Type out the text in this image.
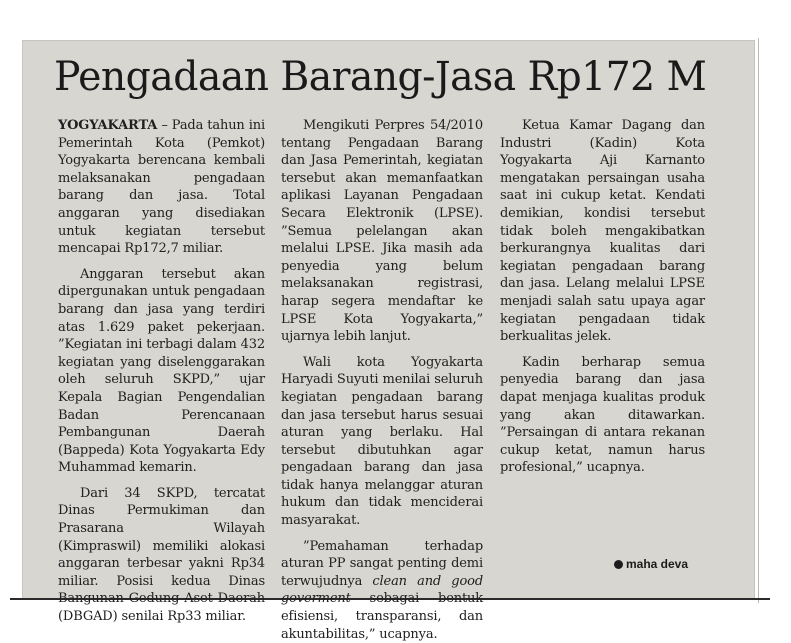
Pengadaan Barang-Jasa Rp172 M

YOGYAKARTA – Pada tahun ini Pemerintah Kota (Pemkot) Yogyakarta berencana kembali melaksanakan pengadaan barang dan jasa. Total anggaran yang disediakan untuk kegiatan tersebut mencapai Rp172,7 miliar.

Anggaran tersebut akan dipergunakan untuk pengadaan barang dan jasa yang terdiri atas 1.629 paket pekerjaan. ”Kegiatan ini terbagi dalam 432 kegiatan yang diselenggarakan oleh seluruh SKPD,” ujar Kepala Bagian Pengendalian Badan Perencanaan Pembangunan Daerah (Bappeda) Kota Yogyakarta Edy Muhammad kemarin.

Dari 34 SKPD, tercatat Dinas Permukiman dan Prasarana Wilayah (Kimpraswil) memiliki alokasi anggaran terbesar yakni Rp34 miliar. Posisi kedua Dinas Bangunan Gedung Aset Daerah (DBGAD) senilai Rp33 miliar.

Mengikuti Perpres 54/2010 tentang Pengadaan Barang dan Jasa Pemerintah, kegiatan tersebut akan memanfaatkan aplikasi Layanan Pengadaan Secara Elektronik (LPSE). ”Semua pelelangan akan melalui LPSE. Jika masih ada penyedia yang belum melaksanakan registrasi, harap segera mendaftar ke LPSE Kota Yogyakarta,” ujarnya lebih lanjut.

Wali kota Yogyakarta Haryadi Suyuti menilai seluruh kegiatan pengadaan barang dan jasa tersebut harus sesuai aturan yang berlaku. Hal tersebut dibutuhkan agar pengadaan barang dan jasa tidak hanya melanggar aturan hukum dan tidak menciderai masyarakat.

”Pemahaman terhadap aturan PP sangat penting demi terwujudnya clean and good goverment sebagai bentuk efisiensi, transparansi, dan akuntabilitas,” ucapnya.

Ketua Kamar Dagang dan Industri (Kadin) Kota Yogyakarta Aji Karnanto mengatakan persaingan usaha saat ini cukup ketat. Kendati demikian, kondisi tersebut tidak boleh mengakibatkan berkurangnya kualitas dari kegiatan pengadaan barang dan jasa. Lelang melalui LPSE menjadi salah satu upaya agar kegiatan pengadaan tidak berkualitas jelek.

Kadin berharap semua penyedia barang dan jasa dapat menjaga kualitas produk yang akan ditawarkan. ”Persaingan di antara rekanan cukup ketat, namun harus profesional,” ucapnya.

maha deva
